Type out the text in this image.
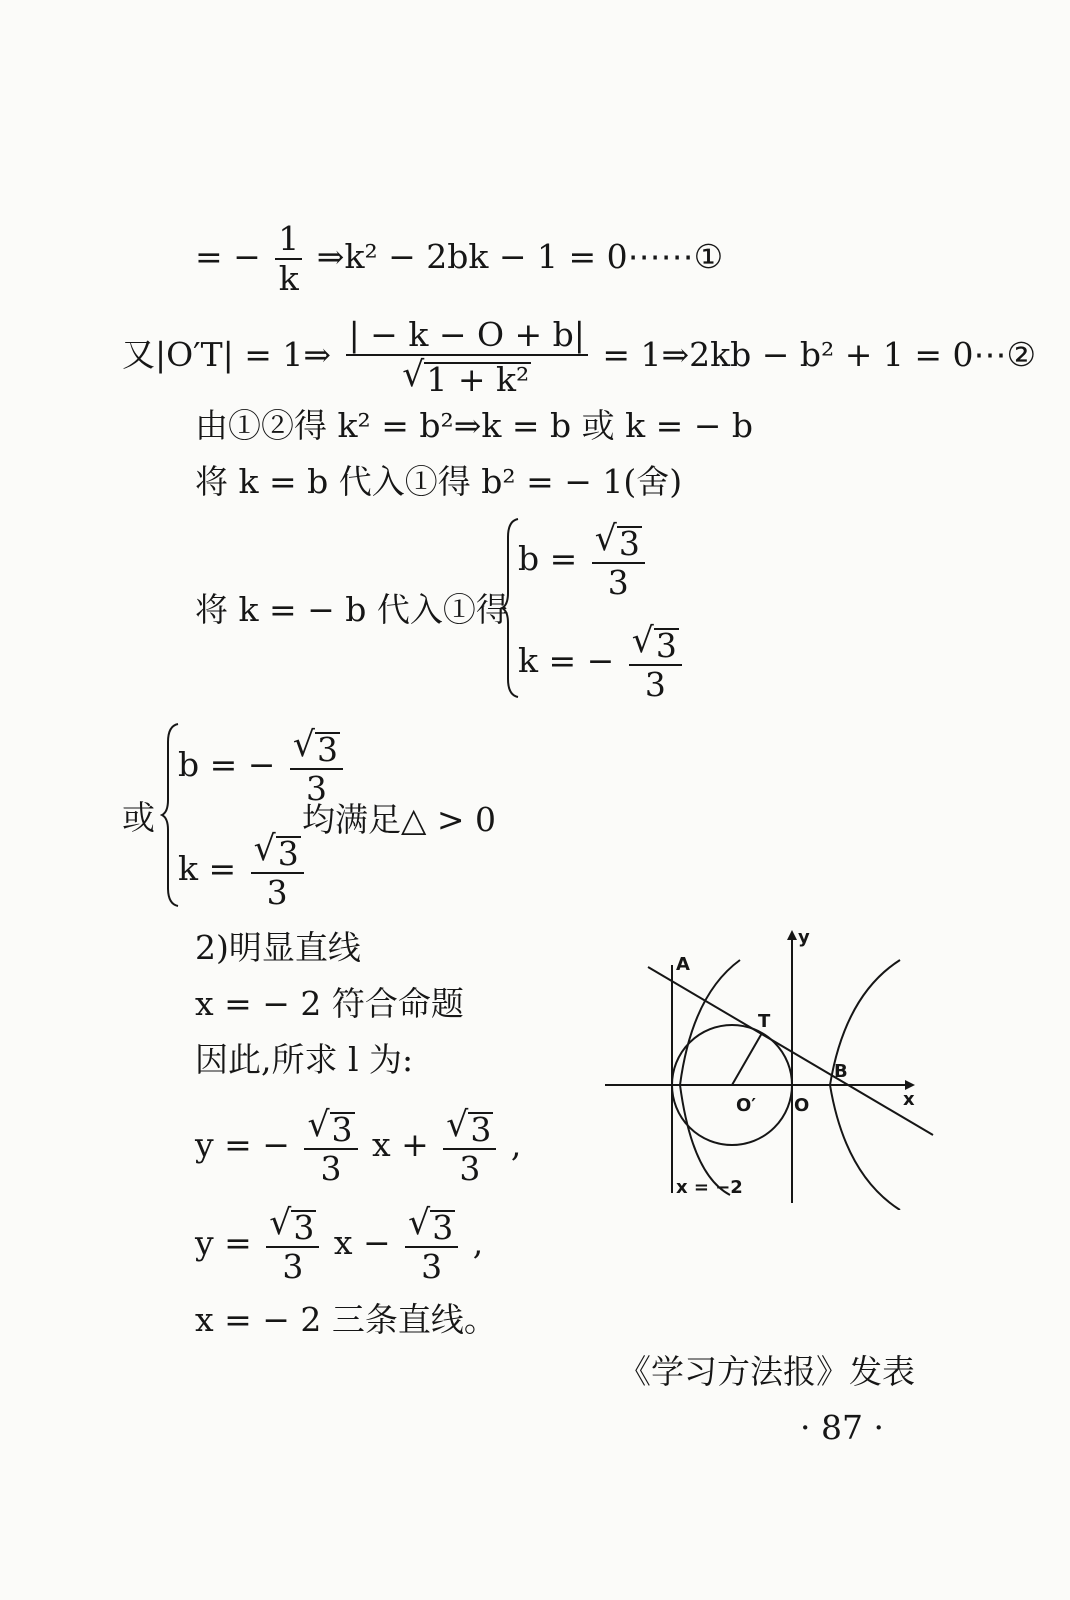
= − $\frac{1}{k}$ ⇒k² − 2bk − 1 = 0⋯⋯①
又|O′T| = 1⇒ $\frac{| - k - O + b|}{\text{√ 1 + k²}}$ = 1⇒2kb − b² + 1 = 0⋯②
由①②得 k² = b²⇒k = b 或 k = − b
将 k = b 代入①得 b² = − 1(舍)
将 k = − b 代入①得
$b = \frac{√ 3}{3}$
k = − $\frac{√ 3}{3}$
或
b = − $\frac{√ 3}{3}$
均满足△ > 0
$k = \frac{√ 3}{3}$
2)明显直线
x = − 2 符合命题
因此,所求 l 为:
y = − $\frac{√ 3}{3}$ $x + \frac{√ 3}{3}$ ,
$y = \frac{√ 3}{3}$ $x - \frac{√ 3}{3}$ ,
x = − 2 三条直线。
A
T
B
O′ O	x
y
x = −2
《学习方法报》发表
· 87 ·
